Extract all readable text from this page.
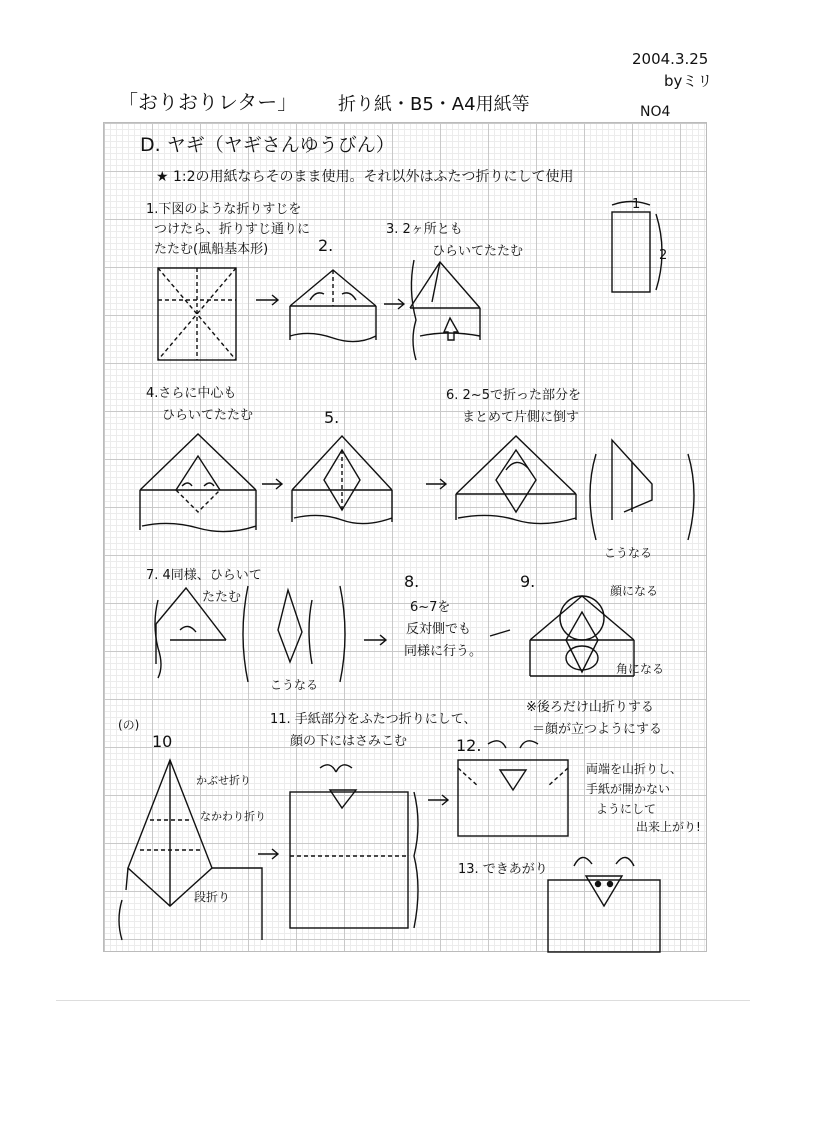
2004.3.25
byミリ
NO4
「おりおりレター」 折り紙・B5・A4用紙等
D. ヤギ（ヤギさんゆうびん）
★ 1:2の用紙ならそのまま使用。それ以外はふたつ折りにして使用
1
2
1.下図のような折りすじを
つけたら、折りすじ通りに
たたむ(風船基本形)	2.
3. 2ヶ所とも
ひらいてたたむ
4.さらに中心も
ひらいてたたむ	5.
6. 2~5で折った部分を
まとめて片側に倒す
こうなる
7. 4同様、ひらいて
たたむ
こうなる
8.
6~7を
反対側でも
同様に行う。
9.	顔になる
角になる
※後ろだけ山折りする
＝顔が立つようにする
(の)
10
かぶせ折り
なかわり折り
段折り
11. 手紙部分をふたつ折りにして、
顔の下にはさみこむ	12.
両端を山折りし、
手紙が開かない
ようにして
出来上がり!
13. できあがり
